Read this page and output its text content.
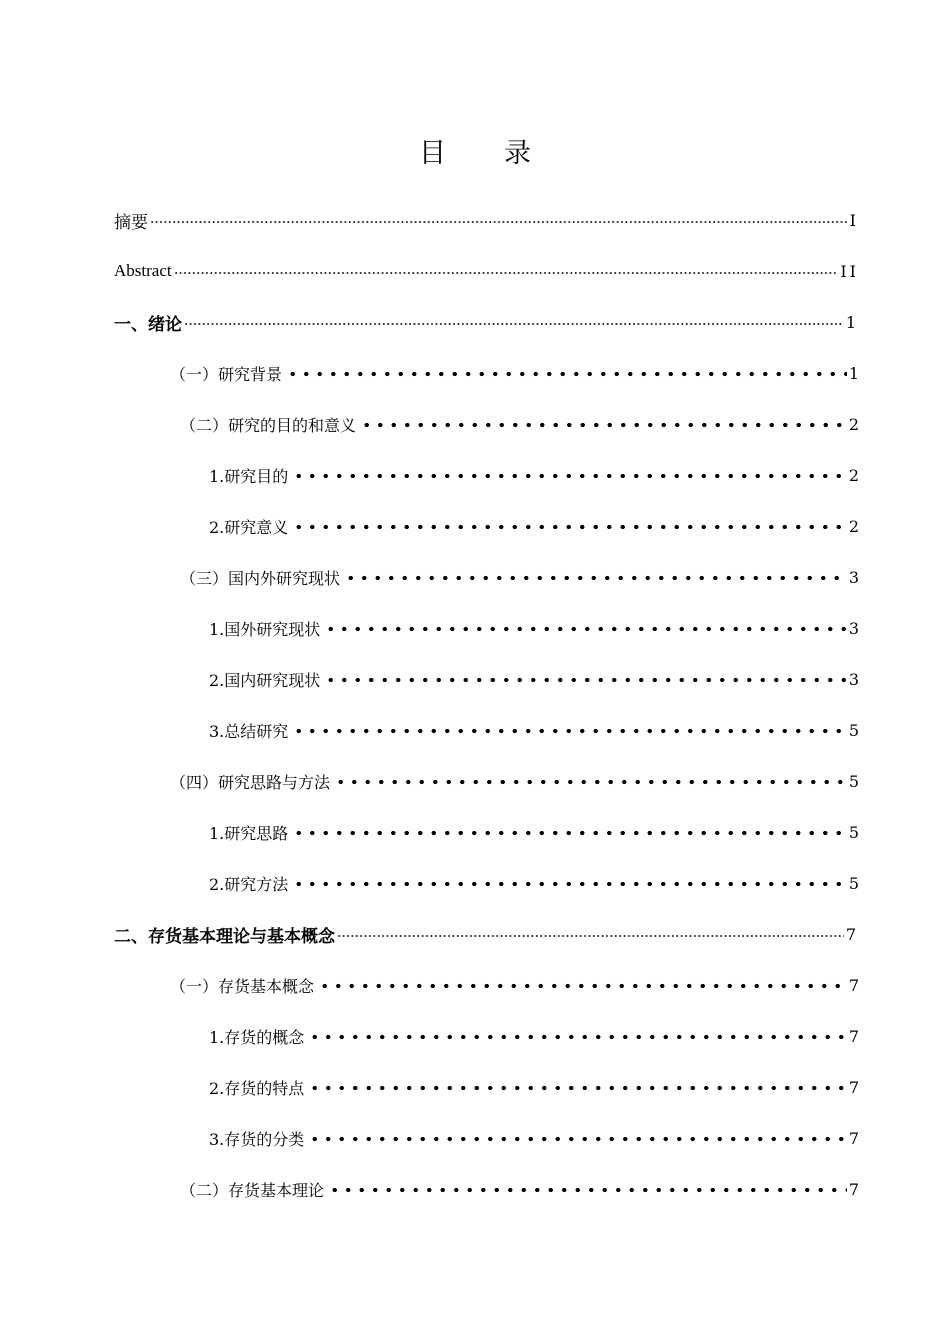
目 录
摘要	I
Abstract	II
一、绪论	1
（一）研究背景	1
（二）研究的目的和意义	2
1.研究目的	2
2.研究意义	2
（三）国内外研究现状	3
1.国外研究现状	3
2.国内研究现状	3
3.总结研究	5
（四）研究思路与方法	5
1.研究思路	5
2.研究方法	5
二、存货基本理论与基本概念	7
（一）存货基本概念	7
1.存货的概念	7
2.存货的特点	7
3.存货的分类	7
（二）存货基本理论	7
